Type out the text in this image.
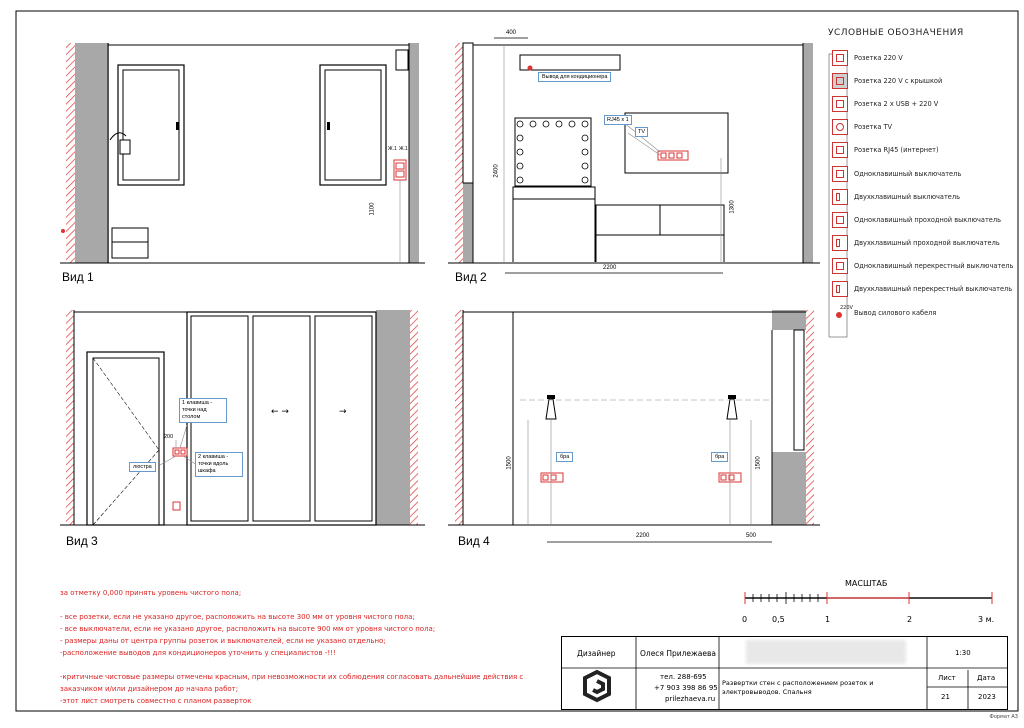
← →	→
Вид 1	Вид 2
Вид 3	Вид 4
1100
Ж.1 Ж.1
400
Вывод для кондиционера
2400
1300
2200
RJ45 x 1
TV
1 клавиша - точки над столом
2 клавиша - точки вдоль шкафа
люстра
200
1500	1500
2200	500
бра	бра
УСЛОВНЫЕ ОБОЗНАЧЕНИЯ
Розетка 220 V
Розетка 220 V с крышкой
Розетка 2 x USB + 220 V
Розетка TV
Розетка RJ45 (интернет)
Одноклавишный выключатель
Двухклавишный выключатель
Одноклавишный проходной выключатель
Двухклавишный проходной выключатель
Одноклавишный перекрестный выключатель
Двухклавишный перекрестный выключатель
220V
Вывод силового кабеля
за отметку 0,000 принять уровень чистого пола;

- все розетки, если не указано другое, расположить на высоте 300 мм от уровня чистого пола;
- все выключатели, если не указано другое, расположить на высоте 900 мм от уровня чистого пола;
- размеры даны от центра группы розеток и выключателей, если не указано отдельно;
-расположение выводов для кондиционеров уточнить у специалистов -!!!

-критичные чистовые размеры отмечены красным, при невозможности их соблюдения согласовать дальнейшие действия с
заказчиком и/или дизайнером до начала работ;
-этот лист смотреть совместно с планом разверток
МАСШТАБ
0	0,5	1	2	3 м.
Дизайнер	Олеся Прилежаева
тел. 288-695
+7 903 398 86 95
prilezhaeva.ru
Развертки стен с расположением розеток и электровыводов. Спальня
1:30
Лист	Дата
21	2023
Формат А3
